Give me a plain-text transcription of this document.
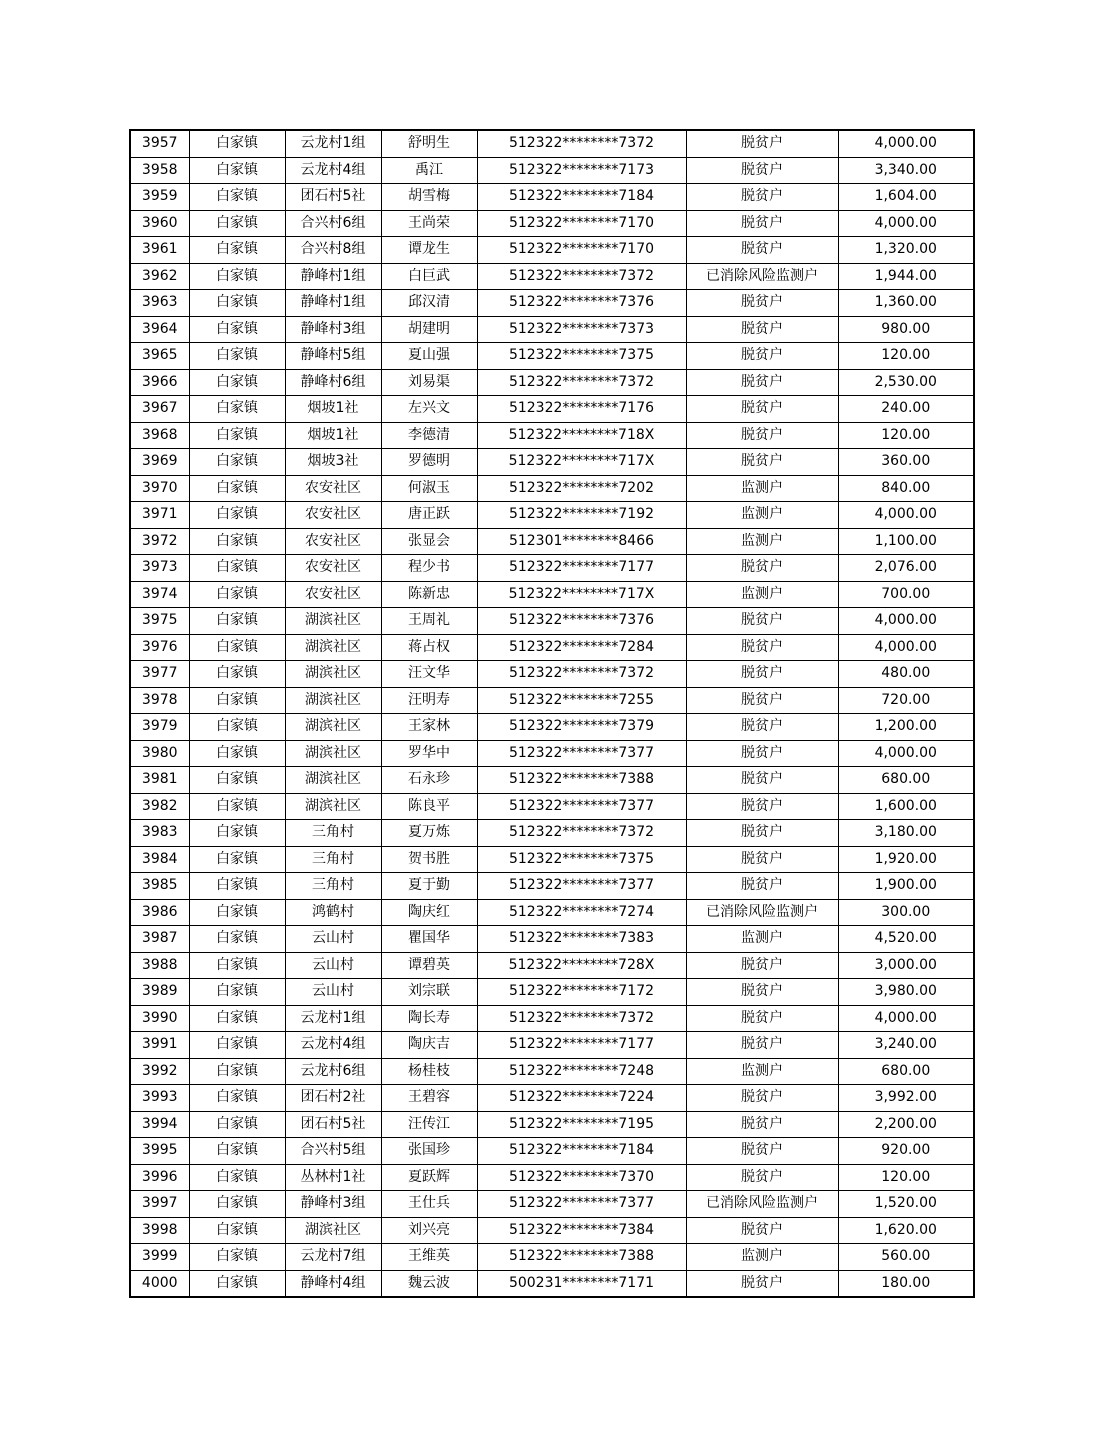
3957	白家镇	云龙村1组	舒明生	512322********7372	脱贫户	4,000.00
3958	白家镇	云龙村4组	禹江	512322********7173	脱贫户	3,340.00
3959	白家镇	团石村5社	胡雪梅	512322********7184	脱贫户	1,604.00
3960	白家镇	合兴村6组	王尚荣	512322********7170	脱贫户	4,000.00
3961	白家镇	合兴村8组	谭龙生	512322********7170	脱贫户	1,320.00
3962	白家镇	静峰村1组	白巨武	512322********7372	已消除风险监测户	1,944.00
3963	白家镇	静峰村1组	邱汉清	512322********7376	脱贫户	1,360.00
3964	白家镇	静峰村3组	胡建明	512322********7373	脱贫户	980.00
3965	白家镇	静峰村5组	夏山强	512322********7375	脱贫户	120.00
3966	白家镇	静峰村6组	刘易渠	512322********7372	脱贫户	2,530.00
3967	白家镇	烟坡1社	左兴文	512322********7176	脱贫户	240.00
3968	白家镇	烟坡1社	李德清	512322********718X	脱贫户	120.00
3969	白家镇	烟坡3社	罗德明	512322********717X	脱贫户	360.00
3970	白家镇	农安社区	何淑玉	512322********7202	监测户	840.00
3971	白家镇	农安社区	唐正跃	512322********7192	监测户	4,000.00
3972	白家镇	农安社区	张显会	512301********8466	监测户	1,100.00
3973	白家镇	农安社区	程少书	512322********7177	脱贫户	2,076.00
3974	白家镇	农安社区	陈新忠	512322********717X	监测户	700.00
3975	白家镇	湖滨社区	王周礼	512322********7376	脱贫户	4,000.00
3976	白家镇	湖滨社区	蒋占权	512322********7284	脱贫户	4,000.00
3977	白家镇	湖滨社区	汪文华	512322********7372	脱贫户	480.00
3978	白家镇	湖滨社区	汪明寿	512322********7255	脱贫户	720.00
3979	白家镇	湖滨社区	王家林	512322********7379	脱贫户	1,200.00
3980	白家镇	湖滨社区	罗华中	512322********7377	脱贫户	4,000.00
3981	白家镇	湖滨社区	石永珍	512322********7388	脱贫户	680.00
3982	白家镇	湖滨社区	陈良平	512322********7377	脱贫户	1,600.00
3983	白家镇	三角村	夏万炼	512322********7372	脱贫户	3,180.00
3984	白家镇	三角村	贺书胜	512322********7375	脱贫户	1,920.00
3985	白家镇	三角村	夏于勤	512322********7377	脱贫户	1,900.00
3986	白家镇	鸿鹤村	陶庆红	512322********7274	已消除风险监测户	300.00
3987	白家镇	云山村	瞿国华	512322********7383	监测户	4,520.00
3988	白家镇	云山村	谭碧英	512322********728X	脱贫户	3,000.00
3989	白家镇	云山村	刘宗联	512322********7172	脱贫户	3,980.00
3990	白家镇	云龙村1组	陶长寿	512322********7372	脱贫户	4,000.00
3991	白家镇	云龙村4组	陶庆吉	512322********7177	脱贫户	3,240.00
3992	白家镇	云龙村6组	杨桂枝	512322********7248	监测户	680.00
3993	白家镇	团石村2社	王碧容	512322********7224	脱贫户	3,992.00
3994	白家镇	团石村5社	汪传江	512322********7195	脱贫户	2,200.00
3995	白家镇	合兴村5组	张国珍	512322********7184	脱贫户	920.00
3996	白家镇	丛林村1社	夏跃辉	512322********7370	脱贫户	120.00
3997	白家镇	静峰村3组	王仕兵	512322********7377	已消除风险监测户	1,520.00
3998	白家镇	湖滨社区	刘兴亮	512322********7384	脱贫户	1,620.00
3999	白家镇	云龙村7组	王维英	512322********7388	监测户	560.00
4000	白家镇	静峰村4组	魏云波	500231********7171	脱贫户	180.00
